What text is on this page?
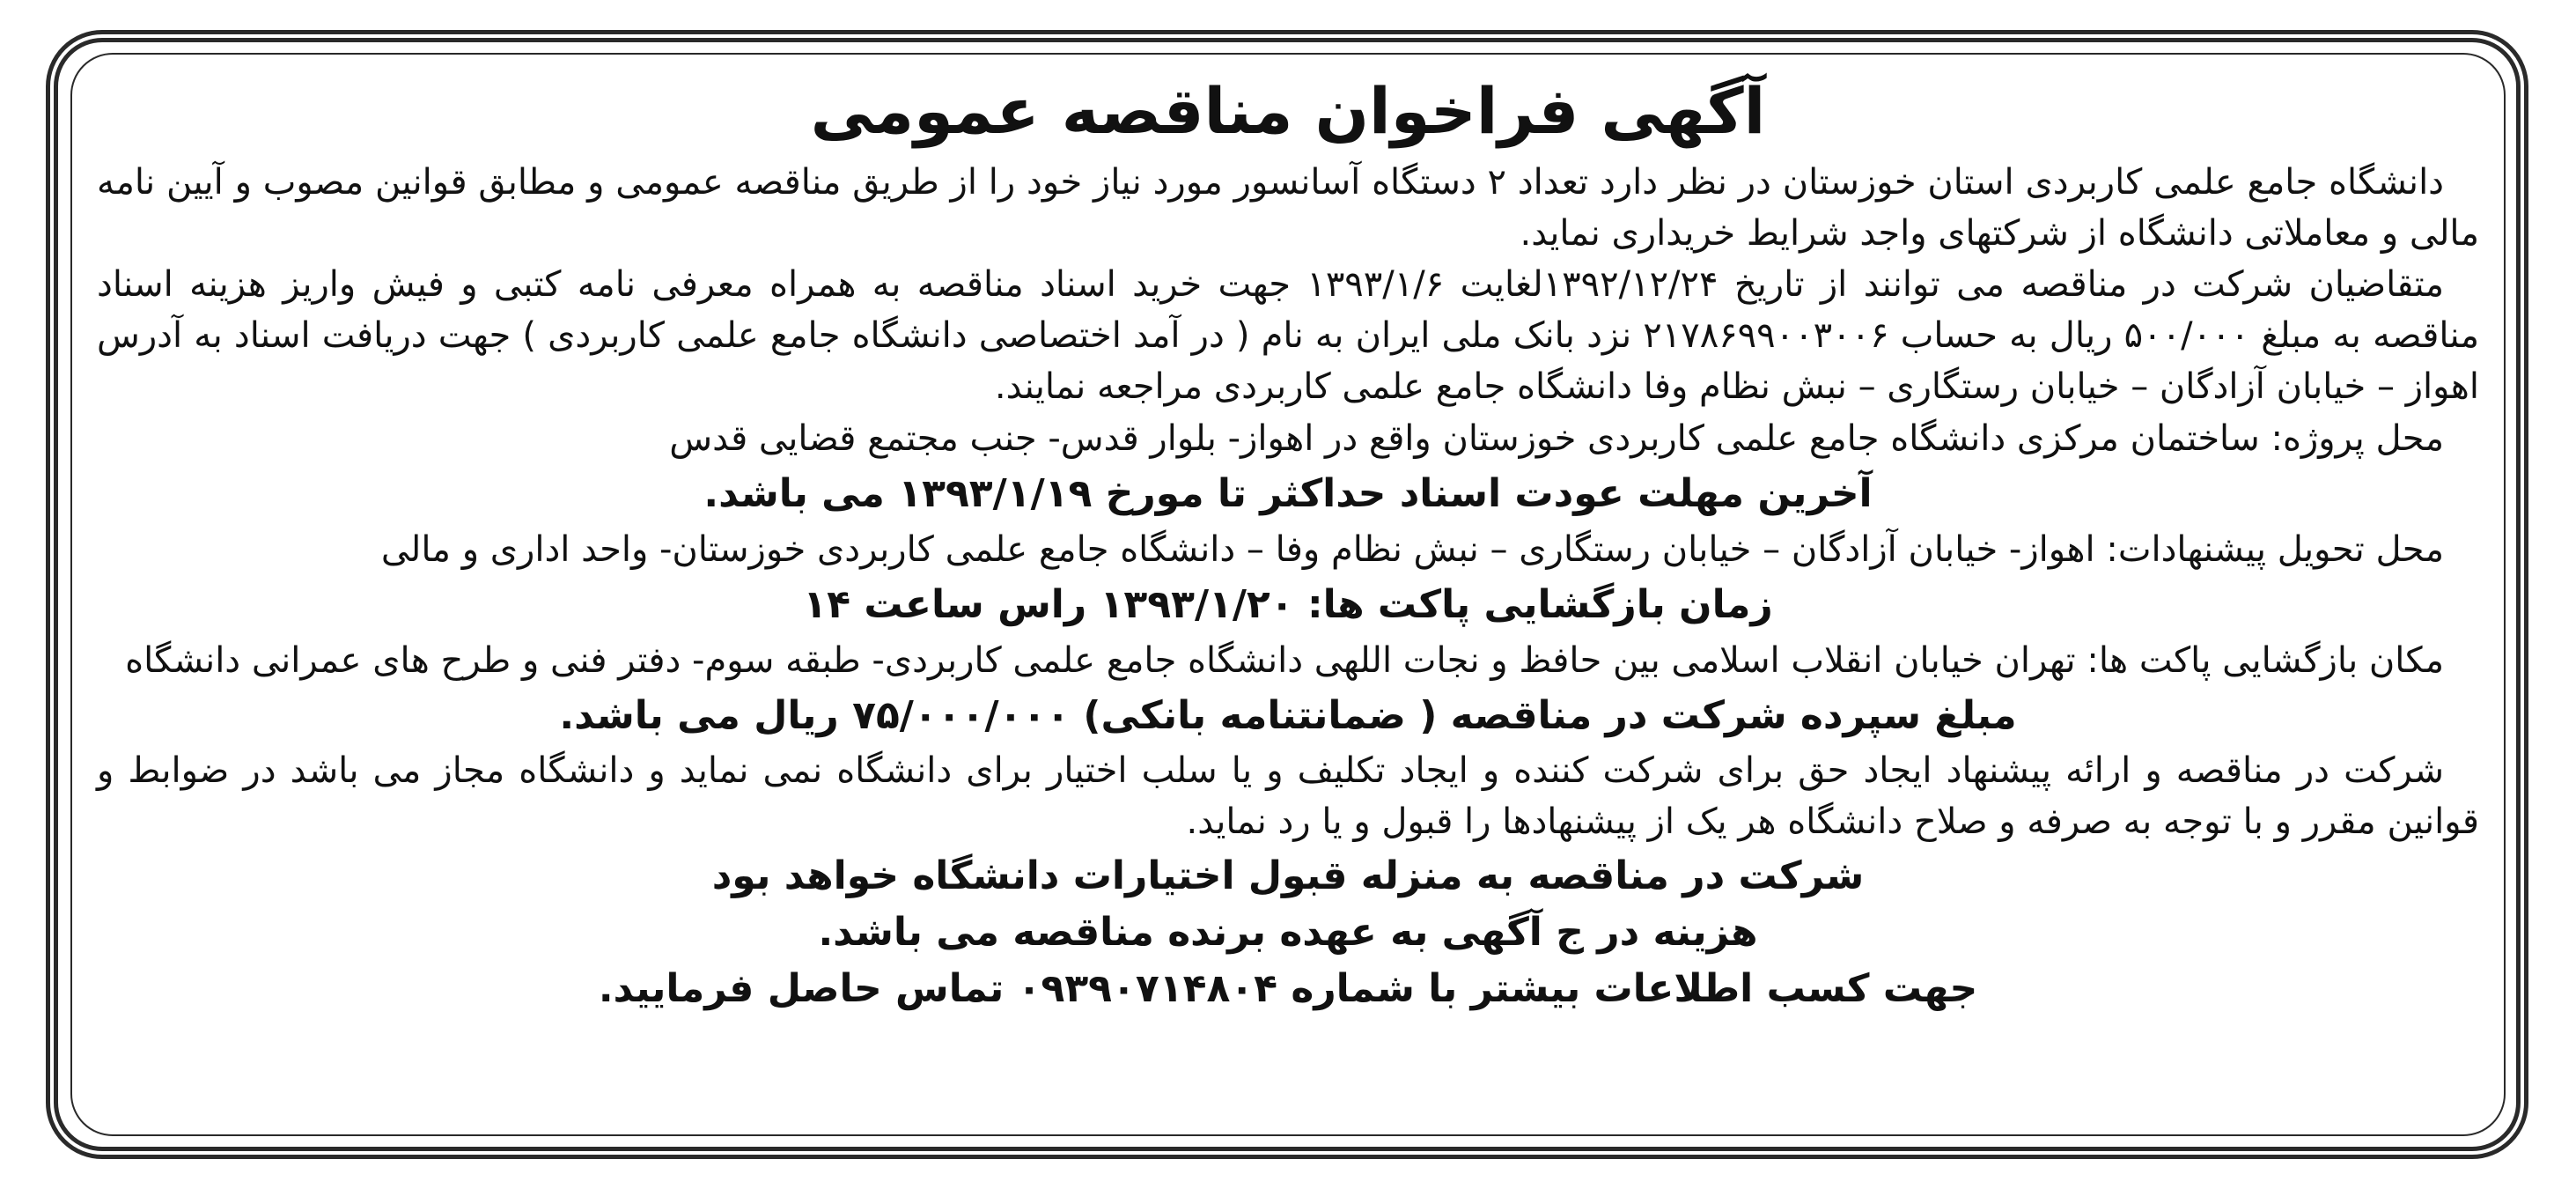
آگهی فراخوان مناقصه عمومی

دانشگاه جامع علمی کاربردی استان خوزستان در نظر دارد تعداد ۲ دستگاه آسانسور مورد نیاز خود را از طریق مناقصه عمومی و مطابق قوانین مصوب و آیین نامه مالی و معاملاتی دانشگاه از شرکتهای واجد شرایط خریداری نماید.

متقاضیان شرکت در مناقصه می توانند از تاریخ ۱۳۹۲/۱۲/۲۴لغایت ۱۳۹۳/۱/۶ جهت خرید اسناد مناقصه به همراه معرفی نامه کتبی و فیش واریز هزینه اسناد مناقصه به مبلغ ۵۰۰/۰۰۰ ریال به حساب ۲۱۷۸۶۹۹۰۰۳۰۰۶ نزد بانک ملی ایران به نام ( در آمد اختصاصی دانشگاه جامع علمی کاربردی ) جهت دریافت اسناد به آدرس اهواز – خیابان آزادگان – خیابان رستگاری – نبش نظام وفا دانشگاه جامع علمی کاربردی مراجعه نمایند.

محل پروژه: ساختمان مرکزی دانشگاه جامع علمی کاربردی خوزستان واقع در اهواز- بلوار قدس- جنب مجتمع قضایی قدس

آخرین مهلت عودت اسناد حداکثر تا مورخ ۱۳۹۳/۱/۱۹ می باشد.

محل تحویل پیشنهادات: اهواز- خیابان آزادگان – خیابان رستگاری – نبش نظام وفا – دانشگاه جامع علمی کاربردی خوزستان- واحد اداری و مالی

زمان بازگشایی پاکت ها: ۱۳۹۳/۱/۲۰ راس ساعت ۱۴

مکان بازگشایی پاکت ها: تهران خیابان انقلاب اسلامی بین حافظ و نجات اللهی دانشگاه جامع علمی کاربردی- طبقه سوم- دفتر فنی و طرح های عمرانی دانشگاه

مبلغ سپرده شرکت در مناقصه ( ضمانتنامه بانکی) ۷۵/۰۰۰/۰۰۰ ریال می باشد.

شرکت در مناقصه و ارائه پیشنهاد ایجاد حق برای شرکت کننده و ایجاد تکلیف و یا سلب اختیار برای دانشگاه نمی نماید و دانشگاه مجاز می باشد در ضوابط و قوانین مقرر و با توجه به صرفه و صلاح دانشگاه هر یک از پیشنهادها را قبول و یا رد نماید.

شرکت در مناقصه به منزله قبول اختیارات دانشگاه خواهد بود
هزینه در ج آگهی به عهده برنده مناقصه می باشد.
جهت کسب اطلاعات بیشتر با شماره ۰۹۳۹۰۷۱۴۸۰۴ تماس حاصل فرمایید.
